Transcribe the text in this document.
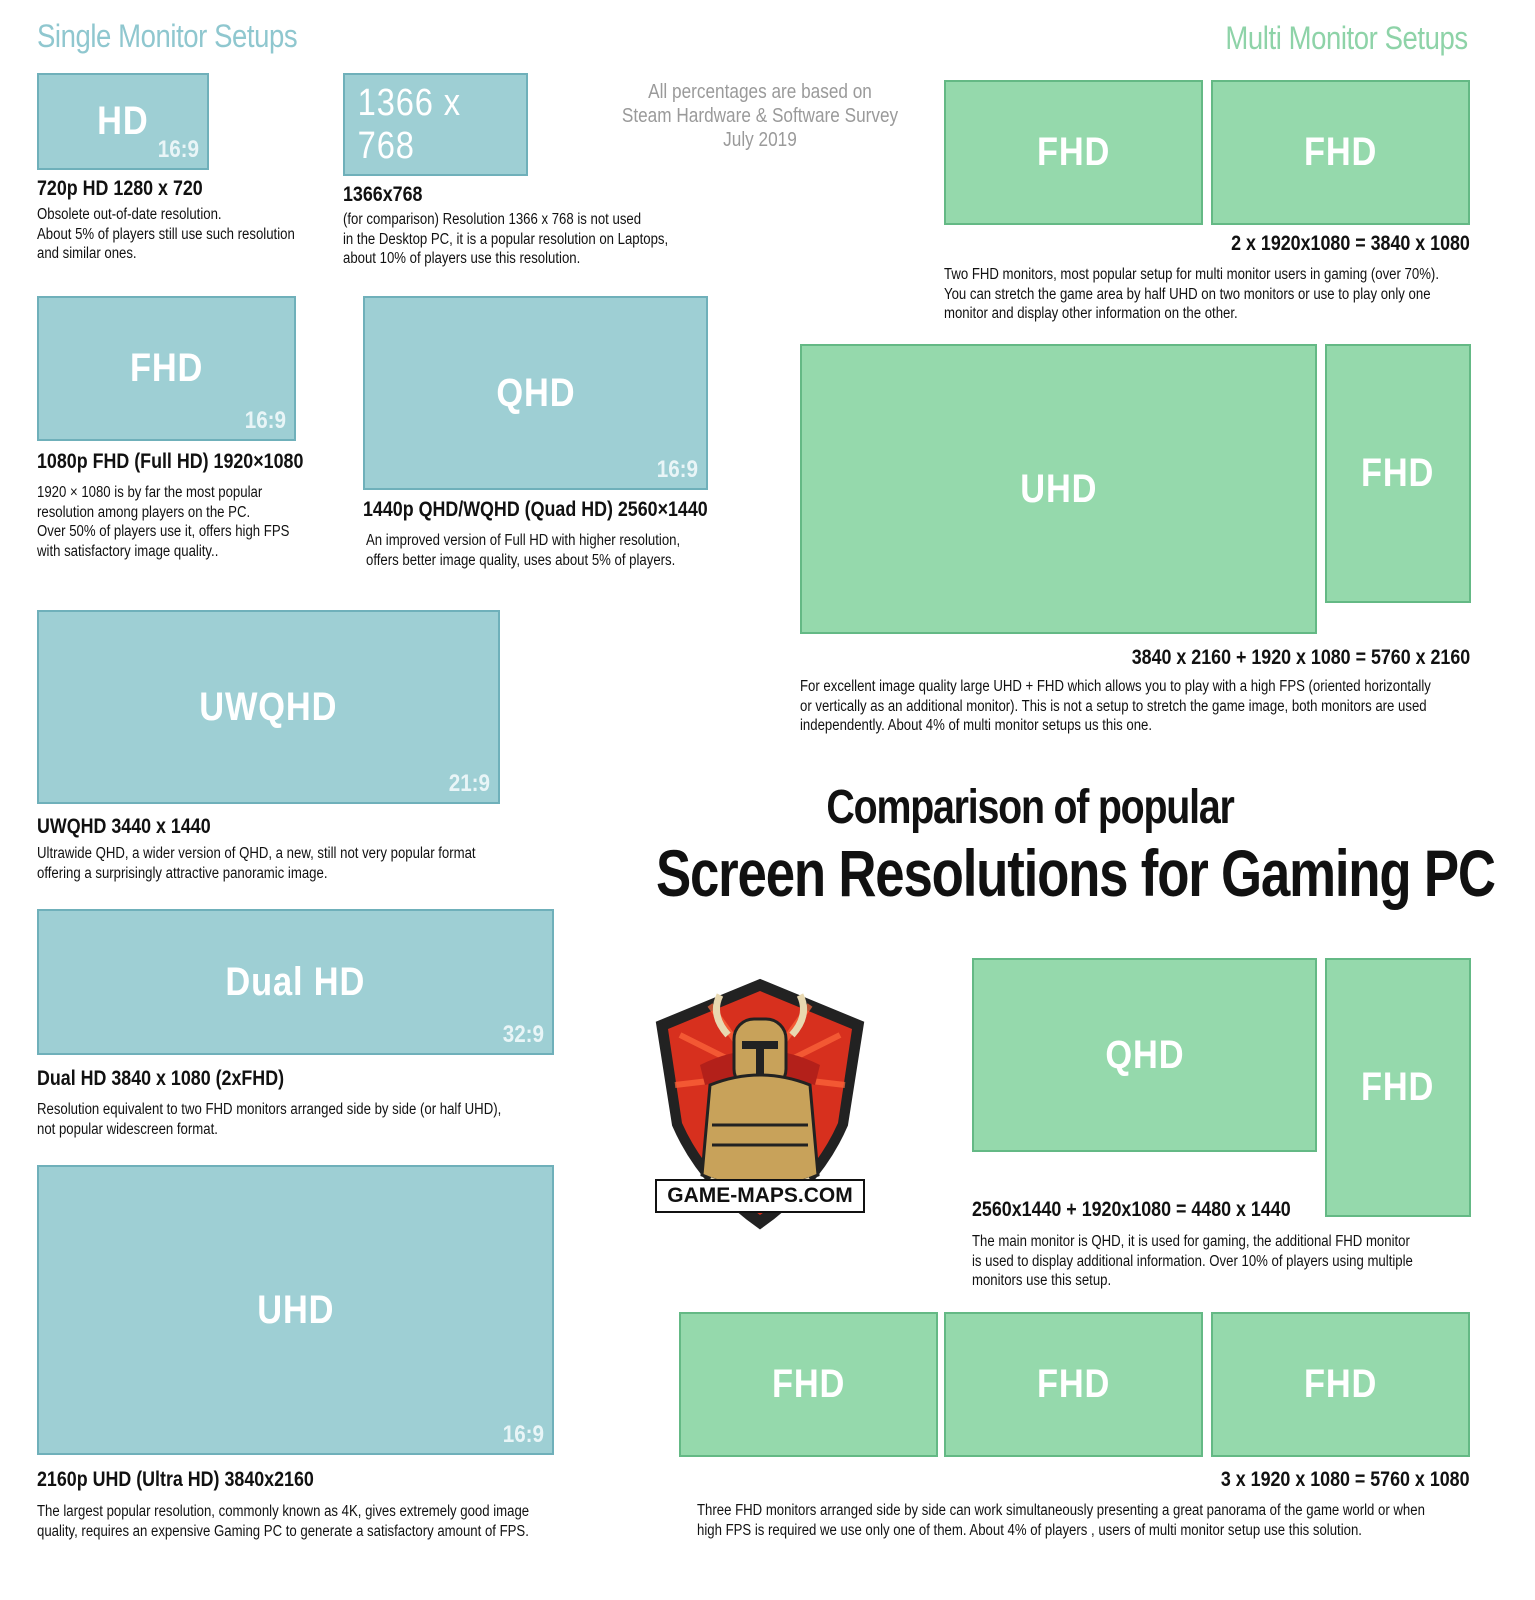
Single Monitor Setups	Multi Monitor Setups
All percentages are based on
Steam Hardware & Software Survey
July 2019
HD
16:9
720p HD 1280 x 720
Obsolete out-of-date resolution.
About 5% of players still use such resolution
and similar ones.
1366 x 768
1366x768
(for comparison) Resolution 1366 x 768 is not used
in the Desktop PC, it is a popular resolution on Laptops,
about 10% of players use this resolution.
FHD
16:9
1080p FHD (Full HD) 1920×1080
1920 × 1080 is by far the most popular
resolution among players on the PC.
Over 50% of players use it, offers high FPS
with satisfactory image quality..
QHD
16:9
1440p QHD/WQHD (Quad HD) 2560×1440
An improved version of Full HD with higher resolution,
offers better image quality, uses about 5% of players.
UWQHD
21:9
UWQHD 3440 x 1440
Ultrawide QHD, a wider version of QHD, a new, still not very popular format
offering a surprisingly attractive panoramic image.
Dual HD
32:9
Dual HD 3840 x 1080 (2xFHD)
Resolution equivalent to two FHD monitors arranged side by side (or half UHD),
not popular widescreen format.
UHD
16:9
2160p UHD (Ultra HD) 3840x2160
The largest popular resolution, commonly known as 4K, gives extremely good image
quality, requires an expensive Gaming PC to generate a satisfactory amount of FPS.
FHD	FHD
2 x 1920x1080 = 3840 x 1080
Two FHD monitors, most popular setup for multi monitor users in gaming (over 70%).
You can stretch the game area by half UHD on two monitors or use to play only one
monitor and display other information on the other.
UHD	FHD
3840 x 2160 + 1920 x 1080 = 5760 x 2160
For excellent image quality large UHD + FHD which allows you to play with a high FPS (oriented horizontally
or vertically as an additional monitor). This is not a setup to stretch the game image, both monitors are used
independently. About 4% of multi monitor setups us this one.
Comparison of popular
Screen Resolutions for Gaming PC
GAME-MAPS.COM
QHD
FHD
2560x1440 + 1920x1080 = 4480 x 1440
The main monitor is QHD, it is used for gaming, the additional FHD monitor
is used to display additional information. Over 10% of players using multiple
monitors use this setup.
FHD	FHD	FHD
3 x 1920 x 1080 = 5760 x 1080
Three FHD monitors arranged side by side can work simultaneously presenting a great panorama of the game world or when
high FPS is required we use only one of them. About 4% of players , users of multi monitor setup use this solution.
